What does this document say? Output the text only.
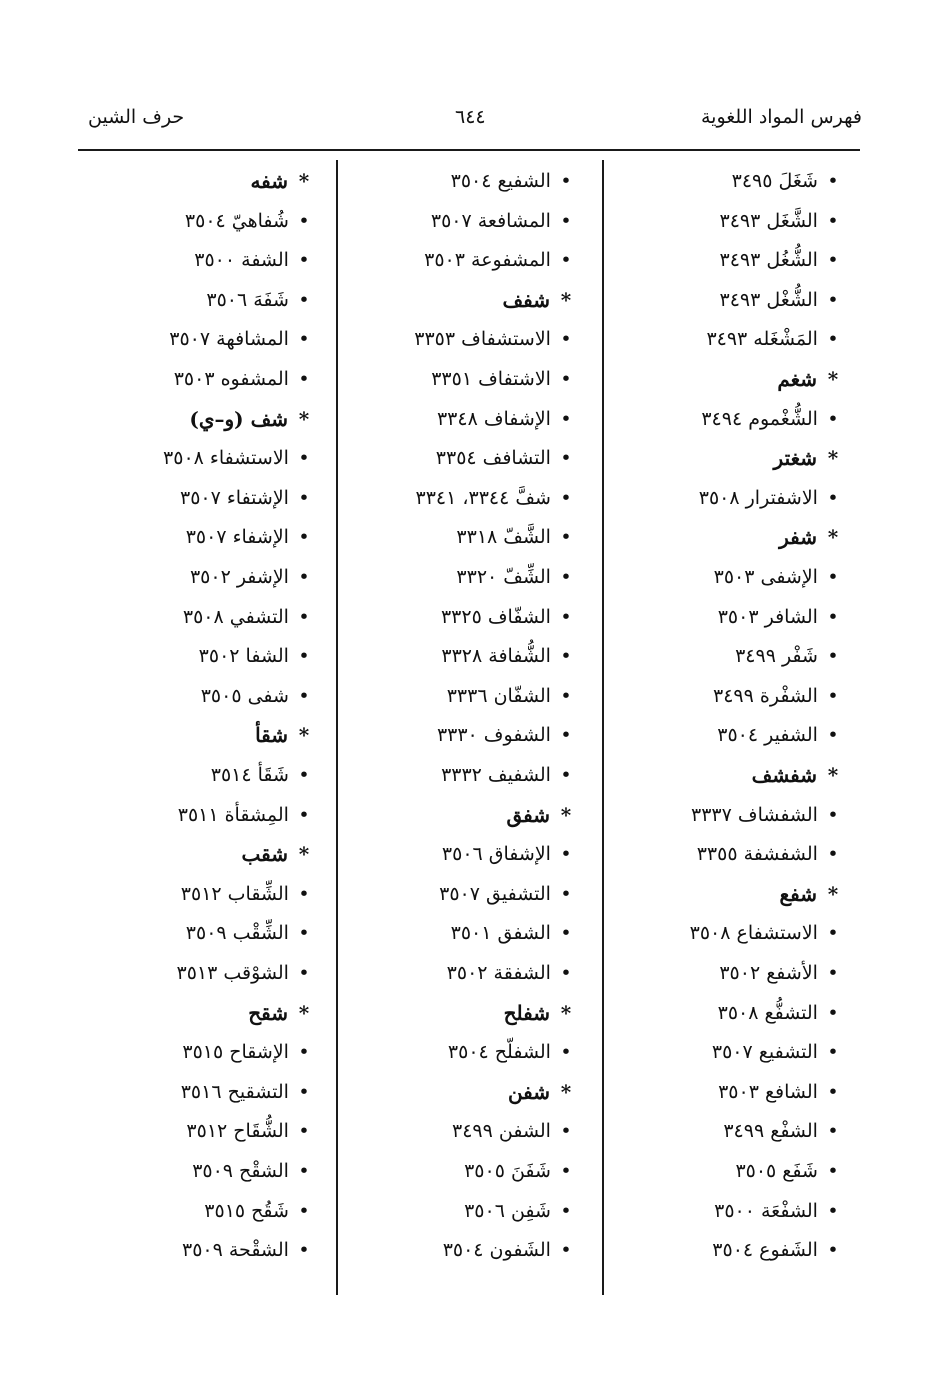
فهرس المواد اللغوية
٦٤٤
حرف الشين
• شَغَلَ ٣٤٩٥
• الشَّغَل ٣٤٩٣
• الشُّغُل ٣٤٩٣
• الشُّغْل ٣٤٩٣
• المَشْغَله ٣٤٩٣
* شغم
• الشُّغْموم ٣٤٩٤
* شغتر
• الاشفترار ٣٥٠٨
* شفر
• الإشفى ٣٥٠٣
• الشافر ٣٥٠٣
• شَفْر ٣٤٩٩
• الشفْرة ٣٤٩٩
• الشفير ٣٥٠٤
* شفشف
• الشفشاف ٣٣٣٧
• الشفشفة ٣٣٥٥
* شفع
• الاستشفاع ٣٥٠٨
• الأشفع ٣٥٠٢
• التشفُّع ٣٥٠٨
• التشفيع ٣٥٠٧
• الشافع ٣٥٠٣
• الشفْع ٣٤٩٩
• شَفَع ٣٥٠٥
• الشفْعَة ٣٥٠٠
• الشَفوع ٣٥٠٤
• الشفيع ٣٥٠٤
• المشافعة ٣٥٠٧
• المشفوعة ٣٥٠٣
* شفف
• الاستشفاف ٣٣٥٣
• الاشتفاف ٣٣٥١
• الإشفاف ٣٣٤٨
• التشافف ٣٣٥٤
• شفَّ ٣٣٤٤، ٣٣٤١
• الشَّفّ ٣٣١٨
• الشِّفّ ٣٣٢٠
• الشفّاف ٣٣٢٥
• الشُّفافة ٣٣٢٨
• الشفّان ٣٣٣٦
• الشفوف ٣٣٣٠
• الشفيف ٣٣٣٢
* شفق
• الإشفاق ٣٥٠٦
• التشفيق ٣٥٠٧
• الشفق ٣٥٠١
• الشفقة ٣٥٠٢
* شفلح
• الشفلّح ٣٥٠٤
* شفن
• الشفن ٣٤٩٩
• شَفَنَ ٣٥٠٥
• شَفِن ٣٥٠٦
• الشَفون ٣٥٠٤
* شفه
• شُفاهيّ ٣٥٠٤
• الشفة ٣٥٠٠
• شَفَهَ ٣٥٠٦
• المشافهة ٣٥٠٧
• المشفوه ٣٥٠٣
* شف (و–ي)
• الاستشفاء ٣٥٠٨
• الإشتفاء ٣٥٠٧
• الإشفاء ٣٥٠٧
• الإشفر ٣٥٠٢
• التشفي ٣٥٠٨
• الشفا ٣٥٠٢
• شفى ٣٥٠٥
* شقأ
• شَقَأ ٣٥١٤
• المِشقأة ٣٥١١
* شقب
• الشِّقاب ٣٥١٢
• الشِّقْب ٣٥٠٩
• الشوْقب ٣٥١٣
* شقح
• الإشقاح ٣٥١٥
• التشقيح ٣٥١٦
• الشُّقَاح ٣٥١٢
• الشقْح ٣٥٠٩
• شَقُح ٣٥١٥
• الشقْحة ٣٥٠٩
